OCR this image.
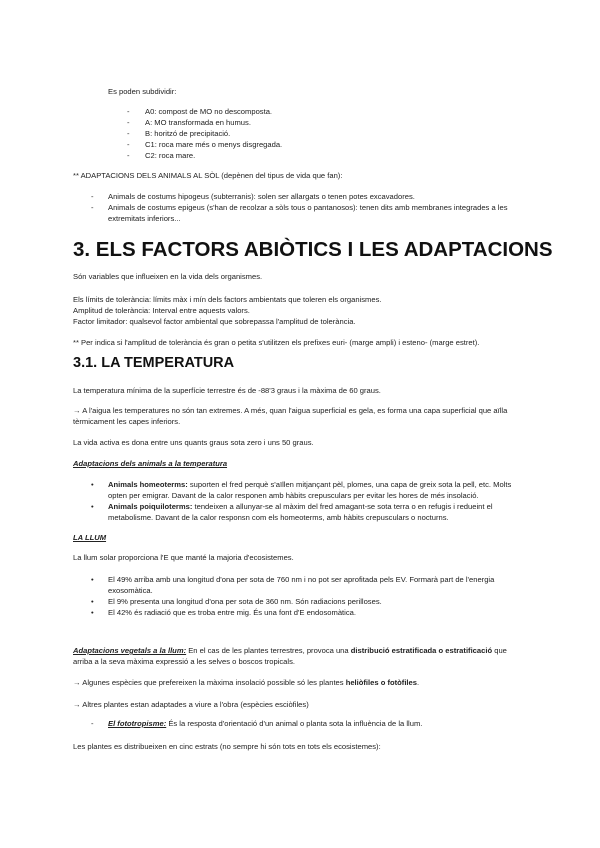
Es poden subdividir:
- A0: compost de MO no descomposta.
- A: MO transformada en humus.
- B: horitzó de precipitació.
- C1: roca mare més o menys disgregada.
- C2: roca mare.
** ADAPTACIONS DELS ANIMALS AL SÒL (depènen del tipus de vida que fan):
- Animals de costums hipogeus (subterranis): solen ser allargats o tenen potes excavadores.
- Animals de costums epigeus (s'han de recolzar a sòls tous o pantanosos): tenen dits amb membranes integrades a les extremitats inferiors...
3. ELS FACTORS ABIÒTICS I LES ADAPTACIONS
Són variables que influeixen en la vida dels organismes.
Els límits de tolerància: límits màx i mín dels factors ambientats que toleren els organismes.
Amplitud de tolerància: Interval entre aquests valors.
Factor limitador: qualsevol factor ambiental que sobrepassa l'amplitud de tolerància.
** Per indica si l'amplitud de tolerància és gran o petita s'utilitzen els prefixes euri- (marge ampli) i esteno- (marge estret).
3.1. LA TEMPERATURA
La temperatura mínima de la superfície terrestre és de -88'3 graus i la màxima de 60 graus.
→ A l'aigua les temperatures no són tan extremes. A més, quan l'aigua superficial es gela, es forma una capa superficial que aïlla tèrmicament les capes inferiors.
La vida activa es dona entre uns quants graus sota zero i uns 50 graus.
Adaptacions dels animals a la temperatura
• Animals homeoterms: suporten el fred perquè s'aïllen mitjançant pèl, plomes, una capa de greix sota la pell, etc. Molts opten per emigrar. Davant de la calor responen amb hàbits crepusculars per evitar les hores de més insolació.
• Animals poiquiloterms: tendeixen a allunyar-se al màxim del fred amagant-se sota terra o en refugis i redueint el metabolisme. Davant de la calor responsn com els homeoterms, amb hàbits crepusculars o nocturns.
LA LLUM
La llum solar proporciona l'E que manté la majoria d'ecosistemes.
• El 49% arriba amb una longitud d'ona per sota de 760 nm i no pot ser aprofitada pels EV. Formarà part de l'energia exosomàtica.
• El 9% presenta una longitud d'ona per sota de 360 nm. Són radiacions perilloses.
• El 42% és radiació que es troba entre mig. És una font d'E endosomàtica.
Adaptacions vegetals a la llum: En el cas de les plantes terrestres, provoca una distribució estratificada o estratificació que arriba a la seva màxima expressió a les selves o boscos tropicals.
→ Algunes espècies que prefereixen la màxima insolació possible só les plantes heliòfiles o fotòfiles.
→ Altres plantes estan adaptades a viure a l'obra (espècies esciòfiles)
- El fototropisme: És la resposta d'orientació d'un animal o planta sota la influència de la llum.
Les plantes es distribueixen en cinc estrats (no sempre hi són tots en tots els ecosistemes):
